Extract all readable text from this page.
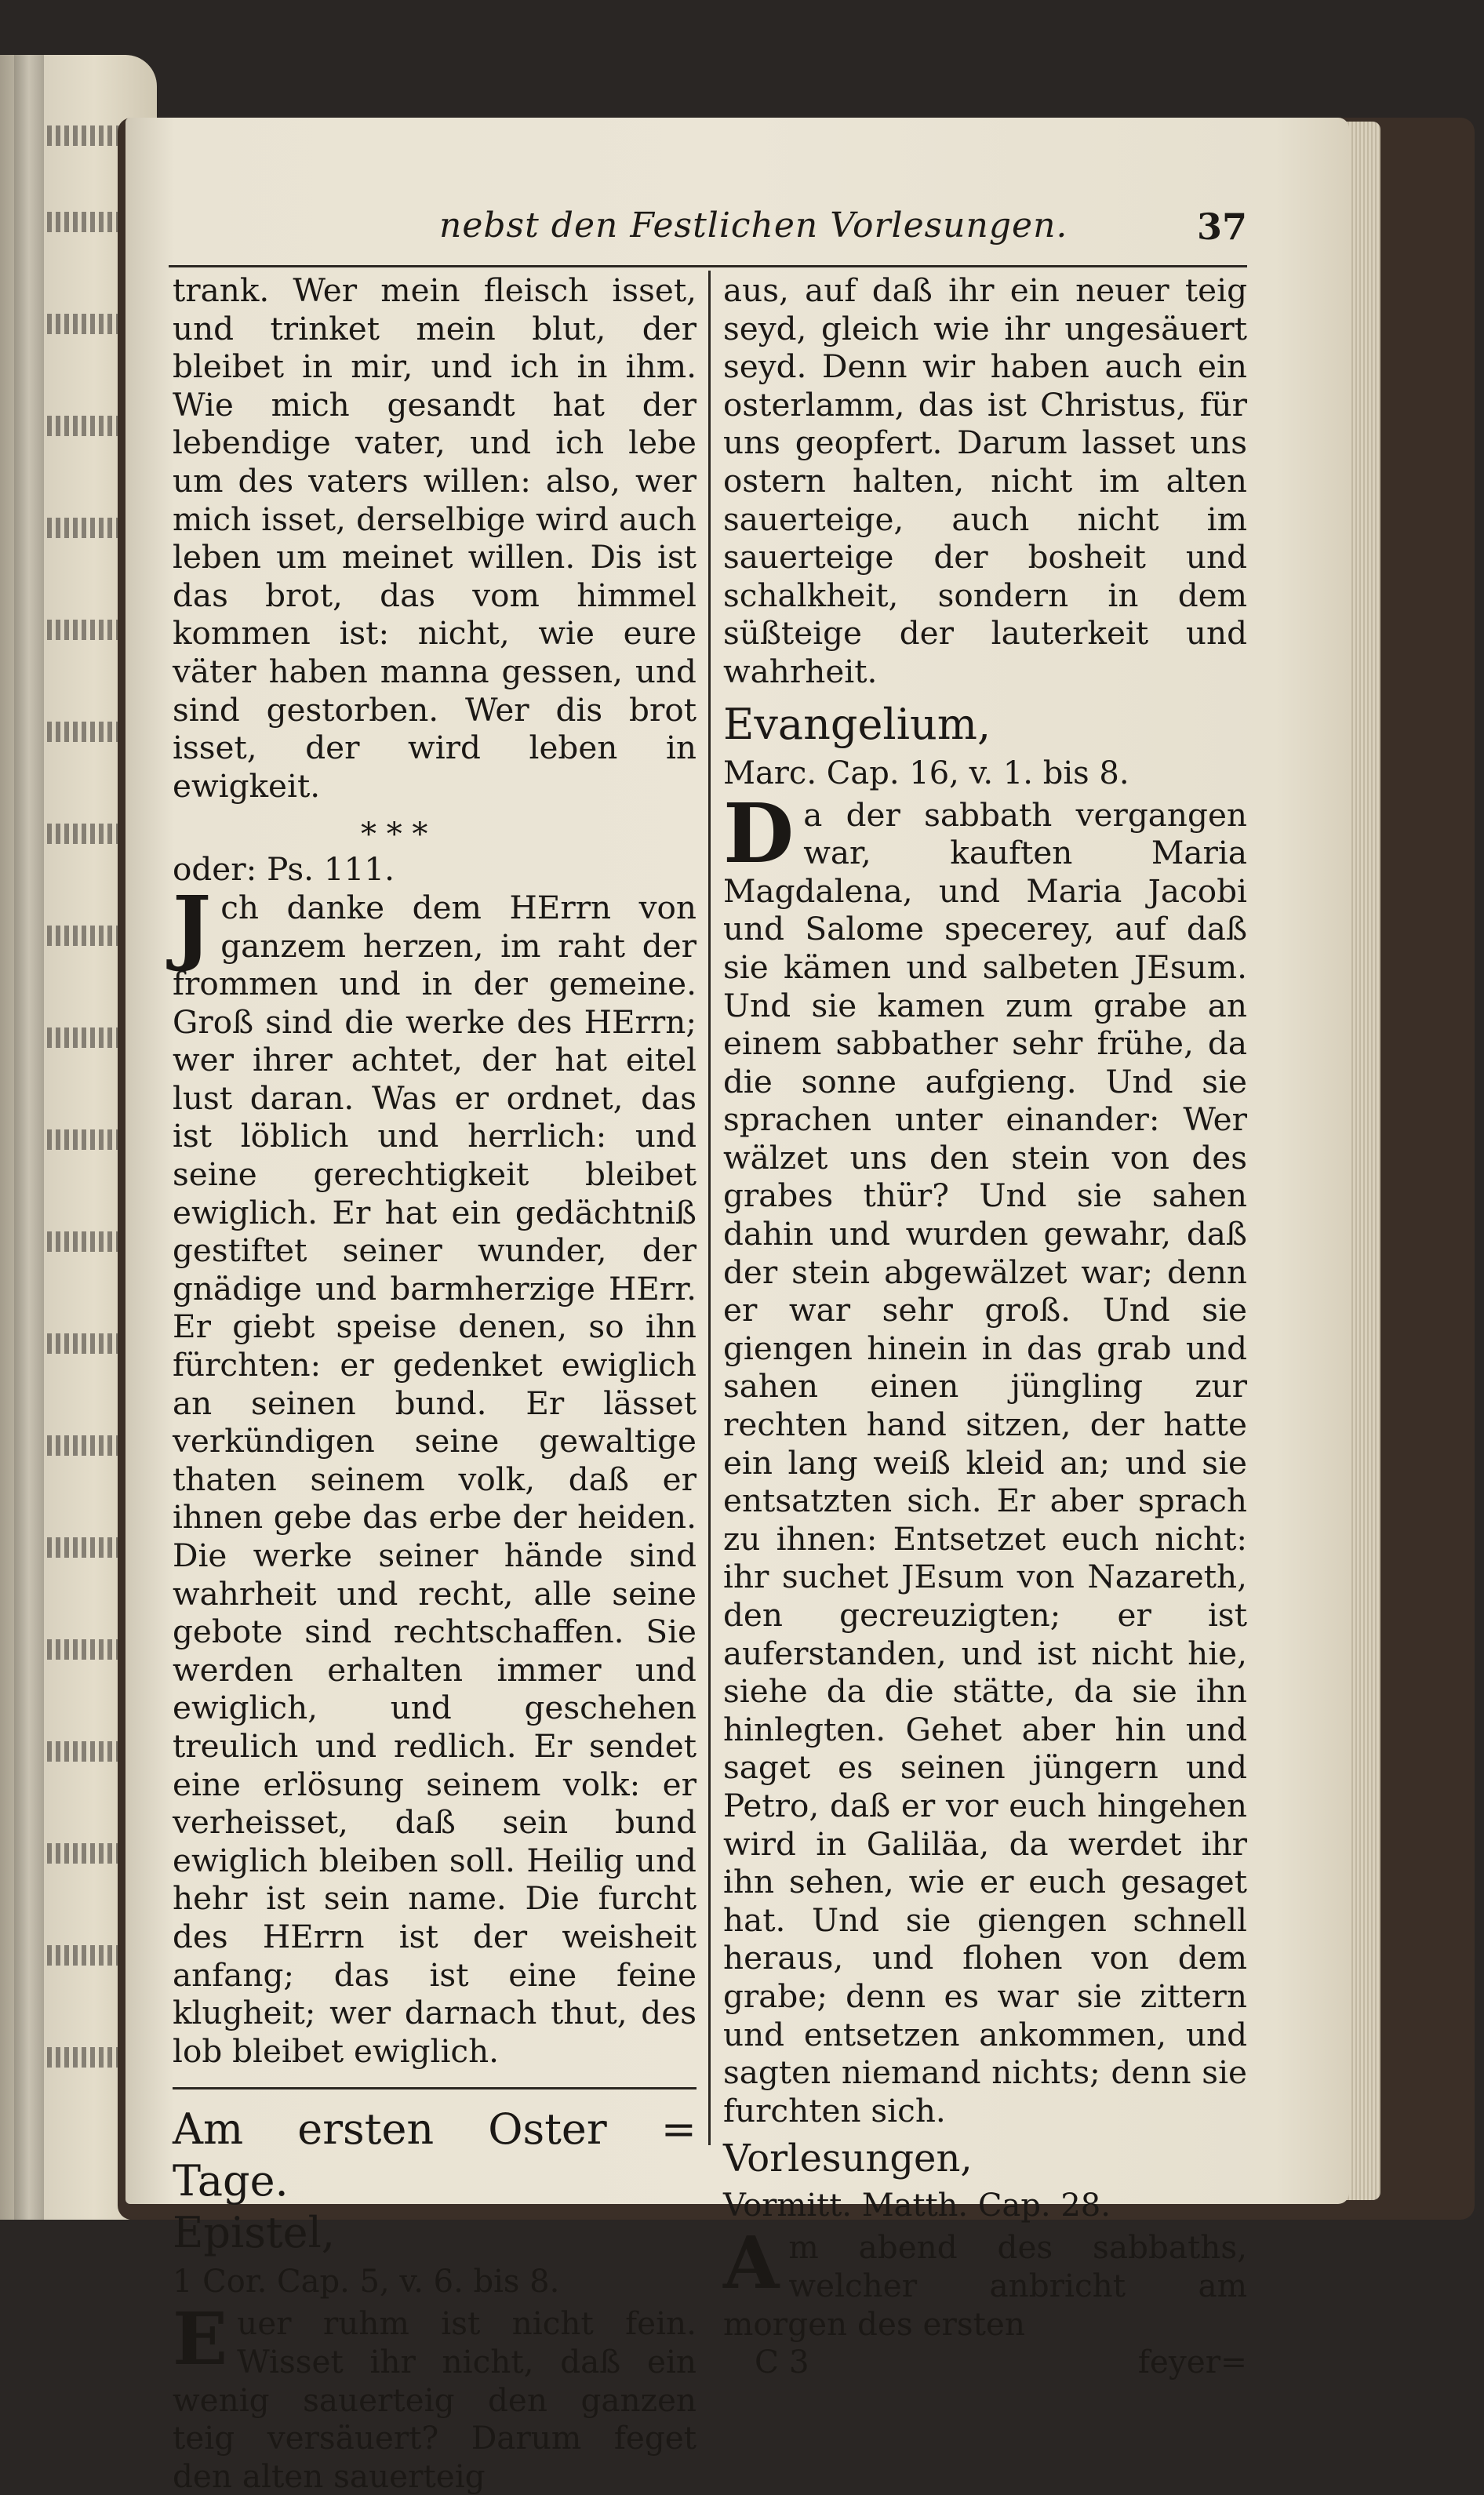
nebst den Festlichen Vorlesungen.	37

trank. Wer mein fleisch isset, und trinket mein blut, der bleibet in mir, und ich in ihm. Wie mich gesandt hat der lebendige vater, und ich lebe um des vaters willen: also, wer mich isset, derselbige wird auch leben um meinet willen. Dis ist das brot, das vom himmel kommen ist: nicht, wie eure väter haben manna gessen, und sind gestorben. Wer dis brot isset, der wird leben in ewigkeit.

* * *

oder: Ps. 111.

Jch danke dem HErrn von ganzem herzen, im raht der frommen und in der gemeine. Groß sind die werke des HErrn; wer ihrer achtet, der hat eitel lust daran. Was er ordnet, das ist löblich und herrlich: und seine gerechtigkeit bleibet ewiglich. Er hat ein gedächtniß gestiftet seiner wunder, der gnädige und barmherzige HErr. Er giebt speise denen, so ihn fürchten: er gedenket ewiglich an seinen bund. Er lässet verkündigen seine gewaltige thaten seinem volk, daß er ihnen gebe das erbe der heiden. Die werke seiner hände sind wahrheit und recht, alle seine gebote sind rechtschaffen. Sie werden erhalten immer und ewiglich, und geschehen treulich und redlich. Er sendet eine erlösung seinem volk: er verheisset, daß sein bund ewiglich bleiben soll. Heilig und hehr ist sein name. Die furcht des HErrn ist der weisheit anfang; das ist eine feine klugheit; wer darnach thut, des lob bleibet ewiglich.

Am ersten Oster = Tage.

Epistel,

1 Cor. Cap. 5, v. 6. bis 8.

Euer ruhm ist nicht fein. Wisset ihr nicht, daß ein wenig sauerteig den ganzen teig versäuert? Darum feget den alten sauerteig

aus, auf daß ihr ein neuer teig seyd, gleich wie ihr ungesäuert seyd. Denn wir haben auch ein osterlamm, das ist Christus, für uns geopfert. Darum lasset uns ostern halten, nicht im alten sauerteige, auch nicht im sauerteige der bosheit und schalkheit, sondern in dem süßteige der lauterkeit und wahrheit.

Evangelium,

Marc. Cap. 16, v. 1. bis 8.

Da der sabbath vergangen war, kauften Maria Magdalena, und Maria Jacobi und Salome specerey, auf daß sie kämen und salbeten JEsum. Und sie kamen zum grabe an einem sabbather sehr frühe, da die sonne aufgieng. Und sie sprachen unter einander: Wer wälzet uns den stein von des grabes thür? Und sie sahen dahin und wurden gewahr, daß der stein abgewälzet war; denn er war sehr groß. Und sie giengen hinein in das grab und sahen einen jüngling zur rechten hand sitzen, der hatte ein lang weiß kleid an; und sie entsatzten sich. Er aber sprach zu ihnen: Entsetzet euch nicht: ihr suchet JEsum von Nazareth, den gecreuzigten; er ist auferstanden, und ist nicht hie, siehe da die stätte, da sie ihn hinlegten. Gehet aber hin und saget es seinen jüngern und Petro, daß er vor euch hingehen wird in Galiläa, da werdet ihr ihn sehen, wie er euch gesaget hat. Und sie giengen schnell heraus, und flohen von dem grabe; denn es war sie zittern und entsetzen ankommen, und sagten niemand nichts; denn sie furchten sich.

Vorlesungen,

Vormitt. Matth. Cap. 28.

Am abend des sabbaths, welcher anbricht am morgen des ersten

C 3	feyer=
